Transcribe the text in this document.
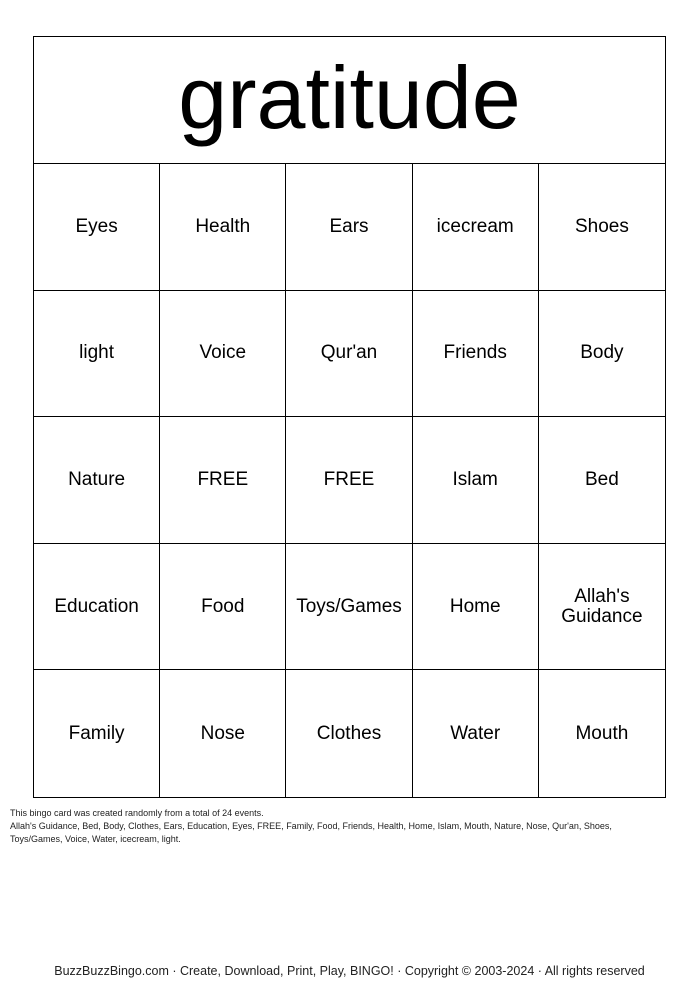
gratitude
Eyes	Health	Ears	icecream	Shoes
light	Voice	Qur'an	Friends	Body
Nature	FREE	FREE	Islam	Bed
Education	Food	Toys/Games	Home	Allah's Guidance
Family	Nose	Clothes	Water	Mouth

This bingo card was created randomly from a total of 24 events.

Allah's Guidance, Bed, Body, Clothes, Ears, Education, Eyes, FREE, Family, Food, Friends, Health, Home, Islam, Mouth, Nature, Nose, Qur'an, Shoes, Toys/Games, Voice, Water, icecream, light.

BuzzBuzzBingo.com · Create, Download, Print, Play, BINGO! · Copyright © 2003-2024 · All rights reserved
